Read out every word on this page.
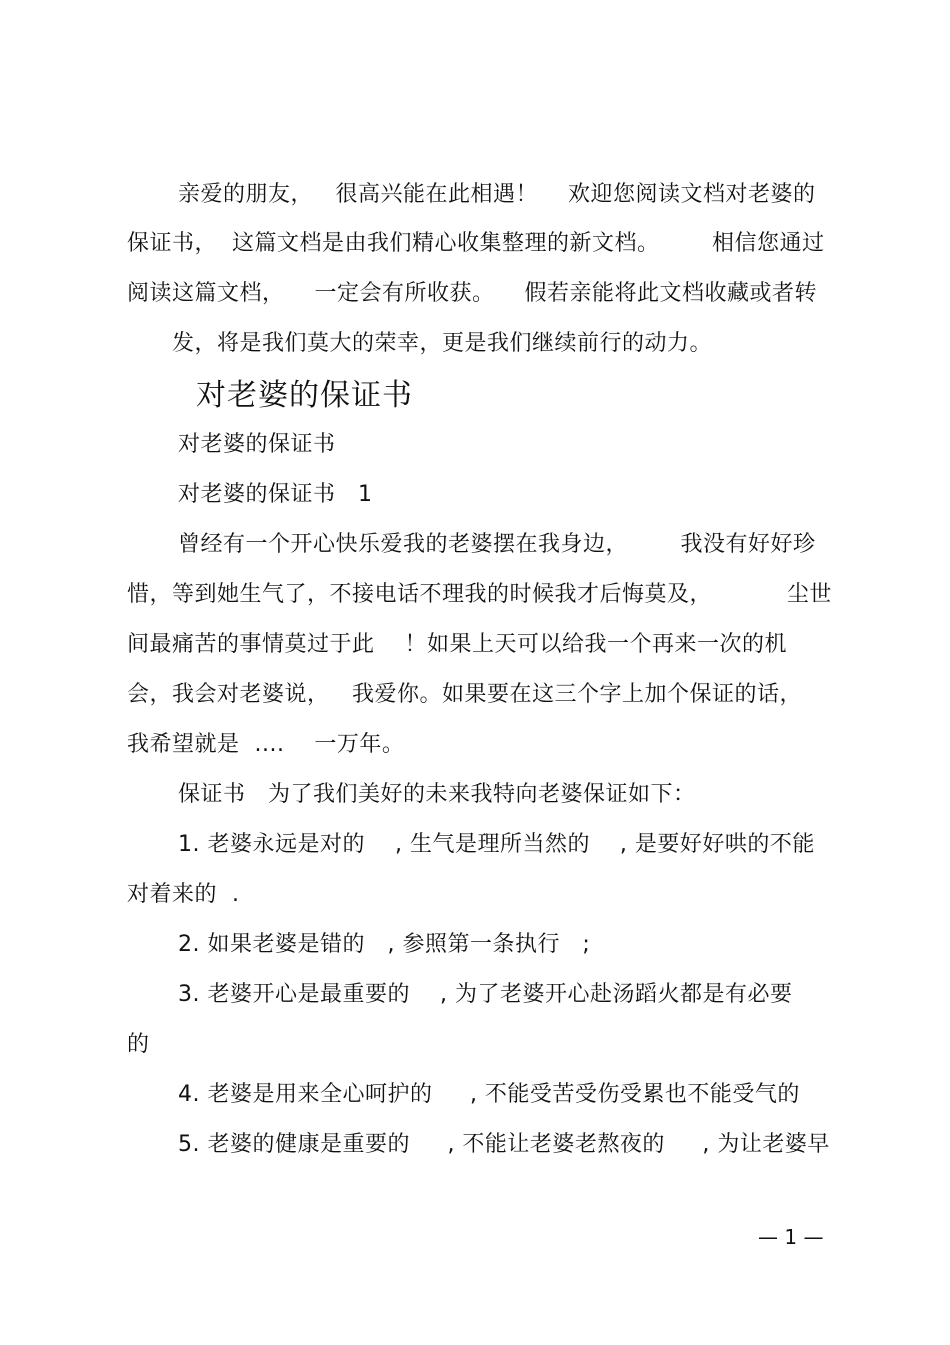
亲爱的朋友，   很高兴能在此相遇！    欢迎您阅读文档对老婆的
保证书，  这篇文档是由我们精心收集整理的新文档。       相信您通过
阅读这篇文档，    一定会有所收获。    假若亲能将此文档收藏或者转
发，将是我们莫大的荣幸，更是我们继续前行的动力。
对老婆的保证书
对老婆的保证书
对老婆的保证书   1
曾经有一个开心快乐爱我的老婆摆在我身边，       我没有好好珍
惜，等到她生气了，不接电话不理我的时候我才后悔莫及，          尘世
间最痛苦的事情莫过于此    ！如果上天可以给我一个再来一次的机
会，我会对老婆说，   我爱你。如果要在这三个字上加个保证的话，
我希望就是  ....    一万年。
保证书   为了我们美好的未来我特向老婆保证如下：
1. 老婆永远是对的    , 生气是理所当然的    , 是要好好哄的不能
对着来的  .
2. 如果老婆是错的   , 参照第一条执行   ;
3. 老婆开心是最重要的    , 为了老婆开心赴汤蹈火都是有必要
的
4. 老婆是用来全心呵护的     , 不能受苦受伤受累也不能受气的
5. 老婆的健康是重要的     , 不能让老婆老熬夜的     , 为让老婆早
— 1 —
